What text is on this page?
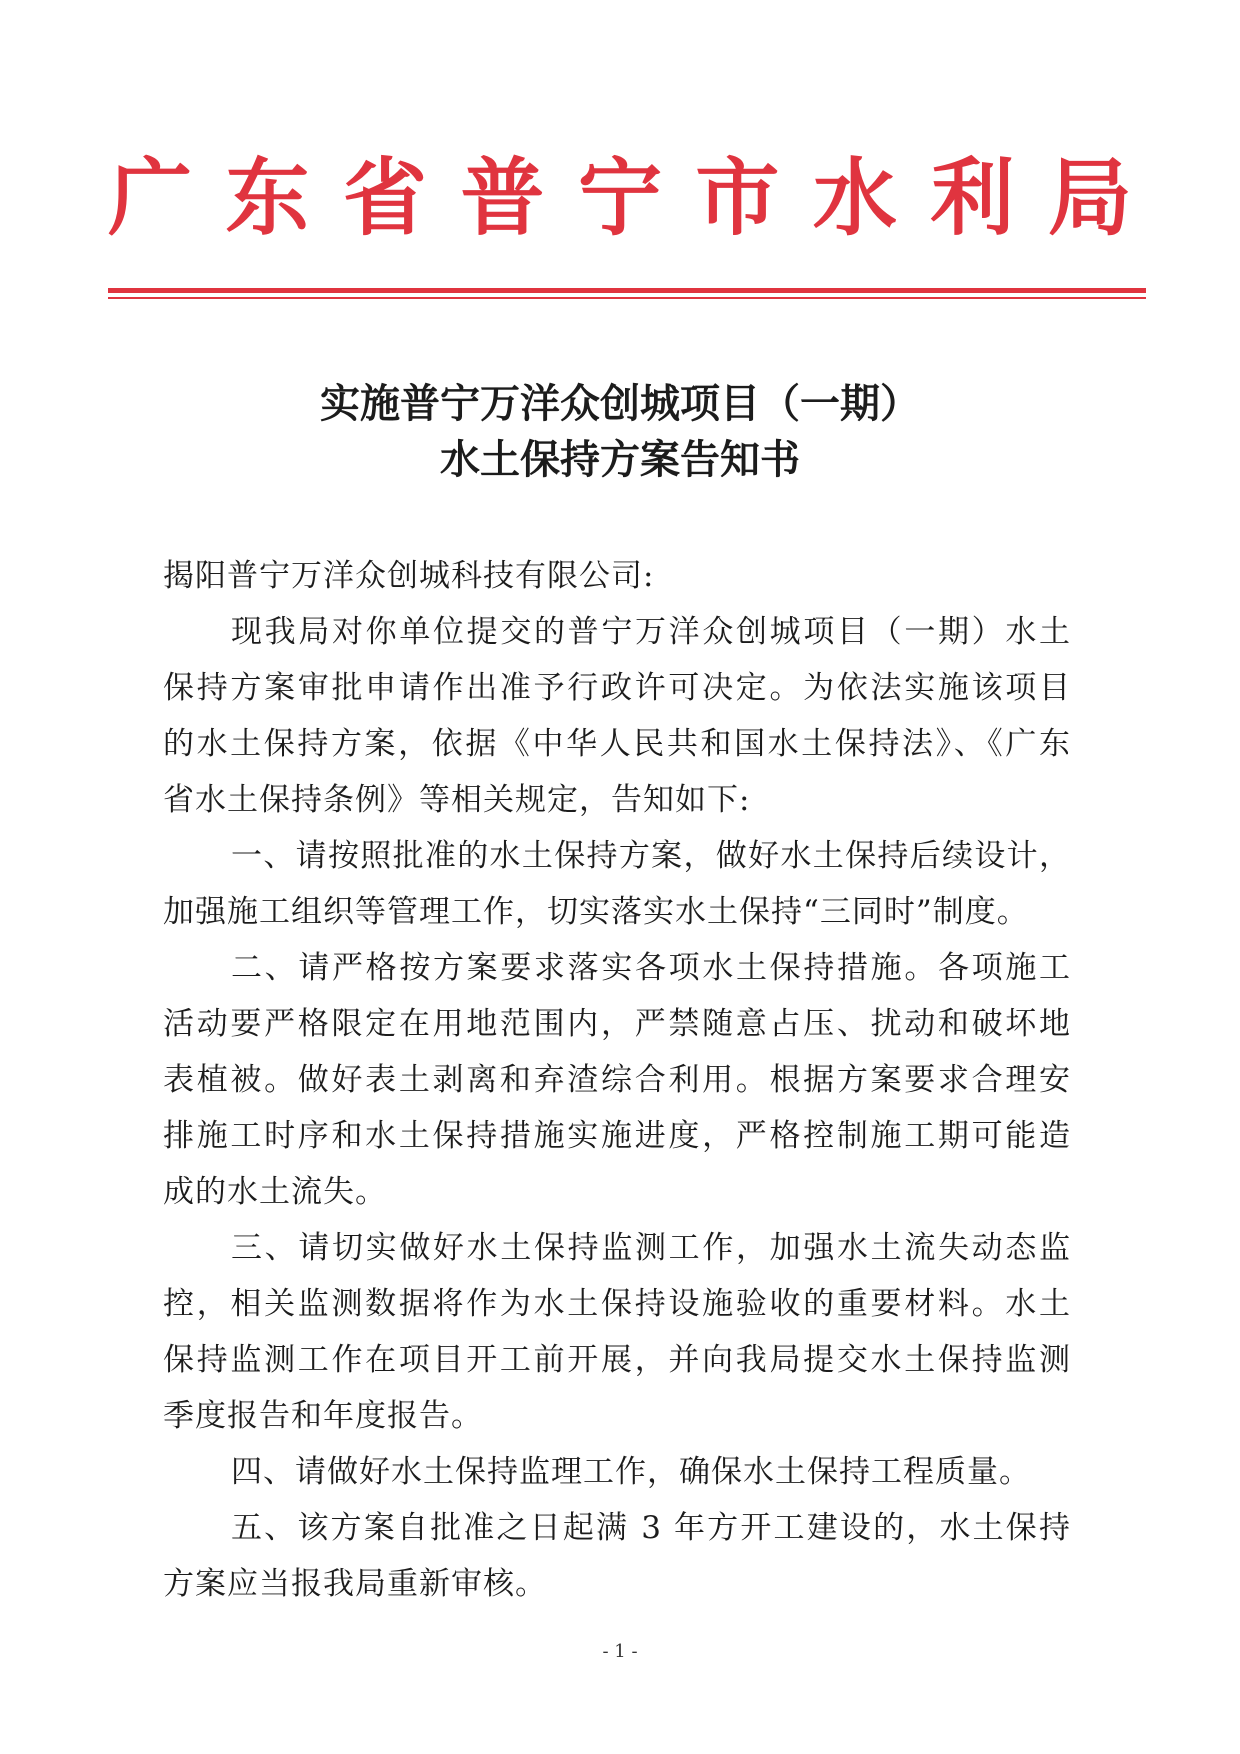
广 东 省 普 宁 市 水 利 局
实施普宁万洋众创城项目（一期）
水土保持方案告知书
揭阳普宁万洋众创城科技有限公司:
现我局对你单位提交的普宁万洋众创城项目（一期）水土
保持方案审批申请作出准予行政许可决定。为依法实施该项目
的水土保持方案，依据《中华人民共和国水土保持法》、《广东
省水土保持条例》等相关规定，告知如下:
一、请按照批准的水土保持方案，做好水土保持后续设计，
加强施工组织等管理工作，切实落实水土保持“三同时”制度。
二、请严格按方案要求落实各项水土保持措施。各项施工
活动要严格限定在用地范围内，严禁随意占压、扰动和破坏地
表植被。做好表土剥离和弃渣综合利用。根据方案要求合理安
排施工时序和水土保持措施实施进度，严格控制施工期可能造
成的水土流失。
三、请切实做好水土保持监测工作，加强水土流失动态监
控，相关监测数据将作为水土保持设施验收的重要材料。水土
保持监测工作在项目开工前开展，并向我局提交水土保持监测
季度报告和年度报告。
四、请做好水土保持监理工作，确保水土保持工程质量。
五、该方案自批准之日起满 3 年方开工建设的，水土保持
方案应当报我局重新审核。
- 1 -
